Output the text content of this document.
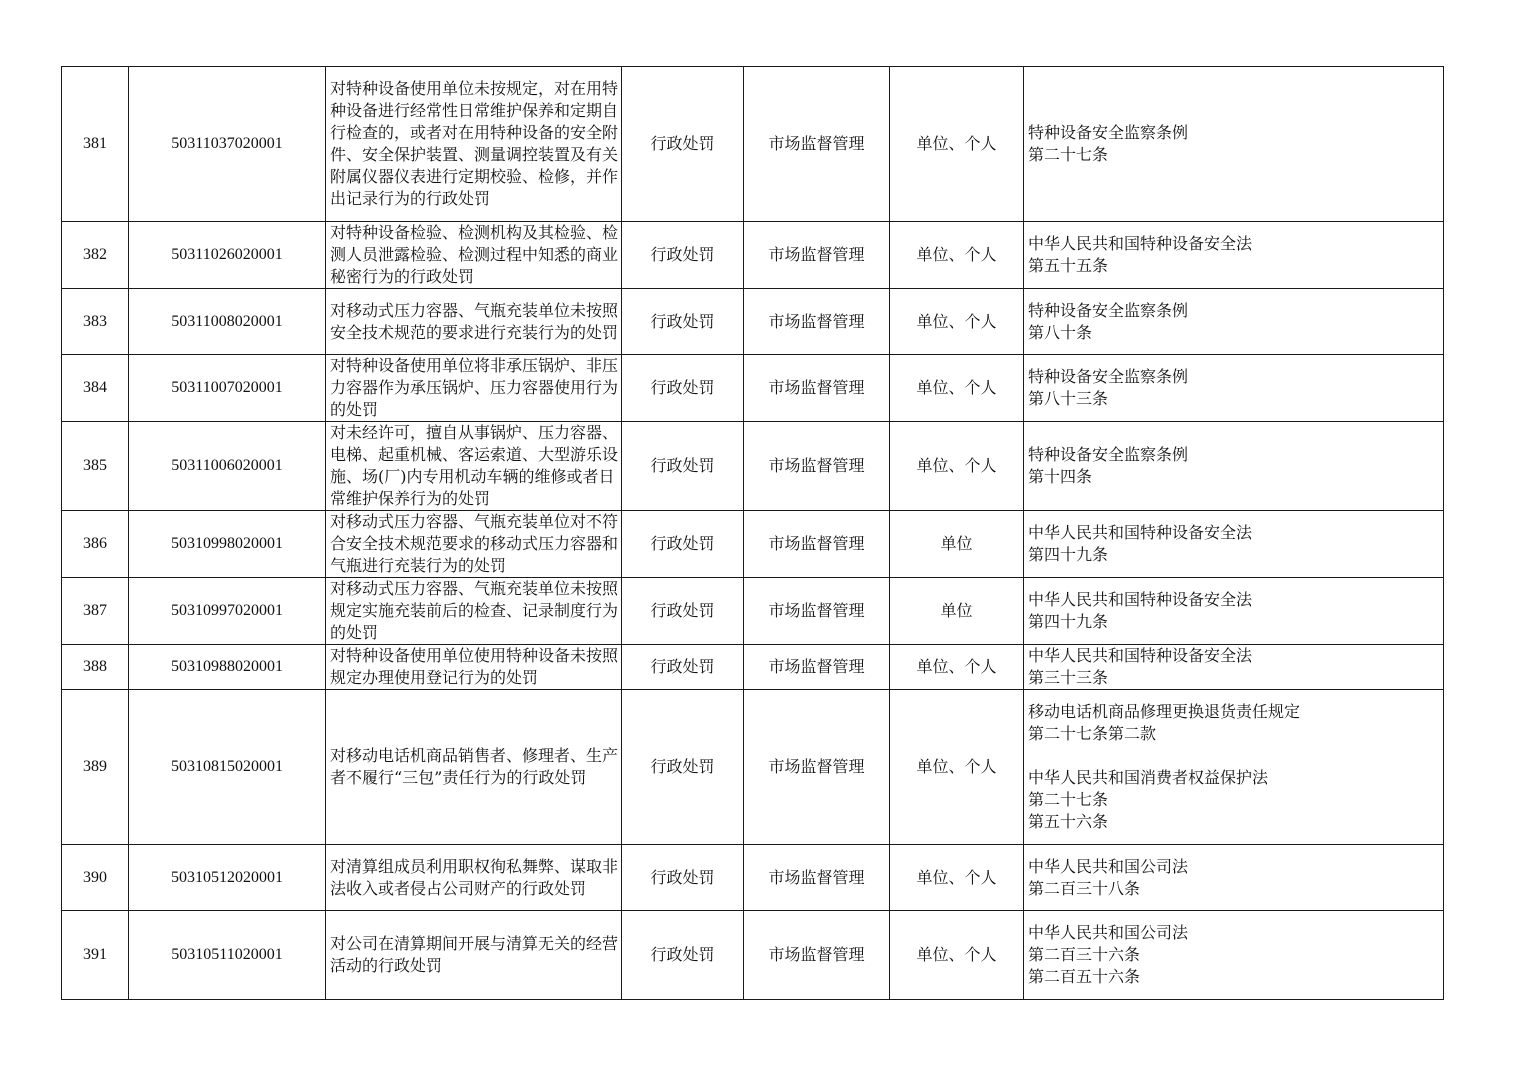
381	50311037020001	对特种设备使用单位未按规定，对在用特种设备进行经常性日常维护保养和定期自行检查的，或者对在用特种设备的安全附件、安全保护装置、测量调控装置及有关附属仪器仪表进行定期校验、检修，并作出记录行为的行政处罚	行政处罚	市场监督管理	单位、个人	特种设备安全监察条例
第二十七条

382	50311026020001	对特种设备检验、检测机构及其检验、检测人员泄露检验、检测过程中知悉的商业秘密行为的行政处罚	行政处罚	市场监督管理	单位、个人	中华人民共和国特种设备安全法
第五十五条

383	50311008020001	对移动式压力容器、气瓶充装单位未按照安全技术规范的要求进行充装行为的处罚	行政处罚	市场监督管理	单位、个人	特种设备安全监察条例
第八十条

384	50311007020001	对特种设备使用单位将非承压锅炉、非压力容器作为承压锅炉、压力容器使用行为的处罚	行政处罚	市场监督管理	单位、个人	特种设备安全监察条例
第八十三条

385	50311006020001	对未经许可，擅自从事锅炉、压力容器、电梯、起重机械、客运索道、大型游乐设施、场(厂)内专用机动车辆的维修或者日常维护保养行为的处罚	行政处罚	市场监督管理	单位、个人	特种设备安全监察条例
第十四条

386	50310998020001	对移动式压力容器、气瓶充装单位对不符合安全技术规范要求的移动式压力容器和气瓶进行充装行为的处罚	行政处罚	市场监督管理	单位	中华人民共和国特种设备安全法
第四十九条

387	50310997020001	对移动式压力容器、气瓶充装单位未按照规定实施充装前后的检查、记录制度行为的处罚	行政处罚	市场监督管理	单位	中华人民共和国特种设备安全法
第四十九条

388	50310988020001	对特种设备使用单位使用特种设备未按照规定办理使用登记行为的处罚	行政处罚	市场监督管理	单位、个人	中华人民共和国特种设备安全法
第三十三条

389	50310815020001	对移动电话机商品销售者、修理者、生产者不履行“三包”责任行为的行政处罚	行政处罚	市场监督管理	单位、个人	移动电话机商品修理更换退货责任规定
第二十七条第二款
中华人民共和国消费者权益保护法
第二十七条
第五十六条

390	50310512020001	对清算组成员利用职权徇私舞弊、谋取非法收入或者侵占公司财产的行政处罚	行政处罚	市场监督管理	单位、个人	中华人民共和国公司法
第二百三十八条

391	50310511020001	对公司在清算期间开展与清算无关的经营活动的行政处罚	行政处罚	市场监督管理	单位、个人	中华人民共和国公司法
第二百三十六条
第二百五十六条
